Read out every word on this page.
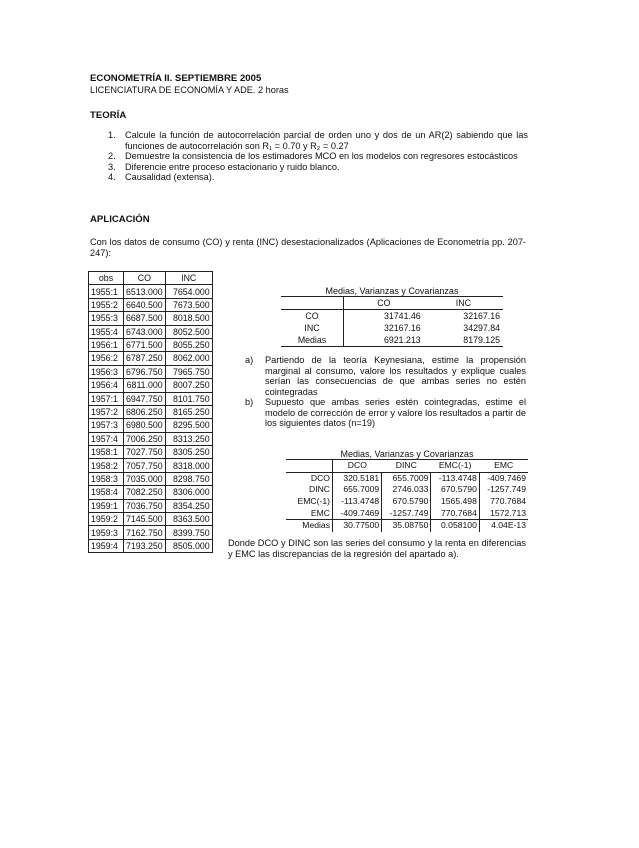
ECONOMETRÍA II. SEPTIEMBRE 2005
LICENCIATURA DE ECONOMÍA Y ADE. 2 horas
TEORÍA
1. Calcule la función de autocorrelación parcial de orden uno y dos de un AR(2) sabiendo que las funciones de autocorrelación son R₁ = 0.70 y R₂ = 0.27
2. Demuestre la consistencia de los estimadores MCO en los modelos con regresores estocásticos
3. Diferencie entre proceso estacionario y ruido blanco.
4. Causalidad (extensa).
APLICACIÓN
Con los datos de consumo (CO) y renta (INC) desestacionalizados (Aplicaciones de Econometría pp. 207-247):
obs	CO	INC
1955:1	6513.000	7654.000
1955:2	6640.500	7673.500
1955:3	6687.500	8018.500
1955:4	6743.000	8052.500
1956:1	6771.500	8055.250
1956:2	6787.250	8062.000
1956:3	6796.750	7965.750
1956:4	6811.000	8007.250
1957:1	6947.750	8101.750
1957:2	6806.250	8165.250
1957:3	6980.500	8295.500
1957:4	7006.250	8313.250
1958:1	7027.750	8305.250
1958:2	7057.750	8318.000
1958:3	7035.000	8298.750
1958:4	7082.250	8306.000
1959:1	7036.750	8354.250
1959:2	7145.500	8363.500
1959:3	7162.750	8399.750
1959:4	7193.250	8505.000
Medias, Varianzas y Covarianzas
	CO	INC
CO	31741.46	32167.16
INC	32167.16	34297.84
Medias	6921.213	8179.125
a) Partiendo de la teoría Keynesiana, estime la propensión marginal al consumo, valore los resultados y explique cuales serían las consecuencias de que ambas series no estén cointegradas
b) Supuesto que ambas series estén cointegradas, estime el modelo de corrección de error y valore los resultados a partir de los siguientes datos (n=19)
Medias, Varianzas y Covarianzas
	DCO	DINC	EMC(-1)	EMC
DCO	320.5181	655.7009	-113.4748	-409.7469
DINC	655.7009	2746.033	670.5790	-1257.749
EMC(-1)	-113.4748	670.5790	1565.498	770.7684
EMC	-409.7469	-1257.749	770.7684	1572.713
Medias	30.77500	35.08750	0.058100	4.04E-13
Donde DCO y DINC son las series del consumo y la renta en diferencias y EMC las discrepancias de la regresión del apartado a).
